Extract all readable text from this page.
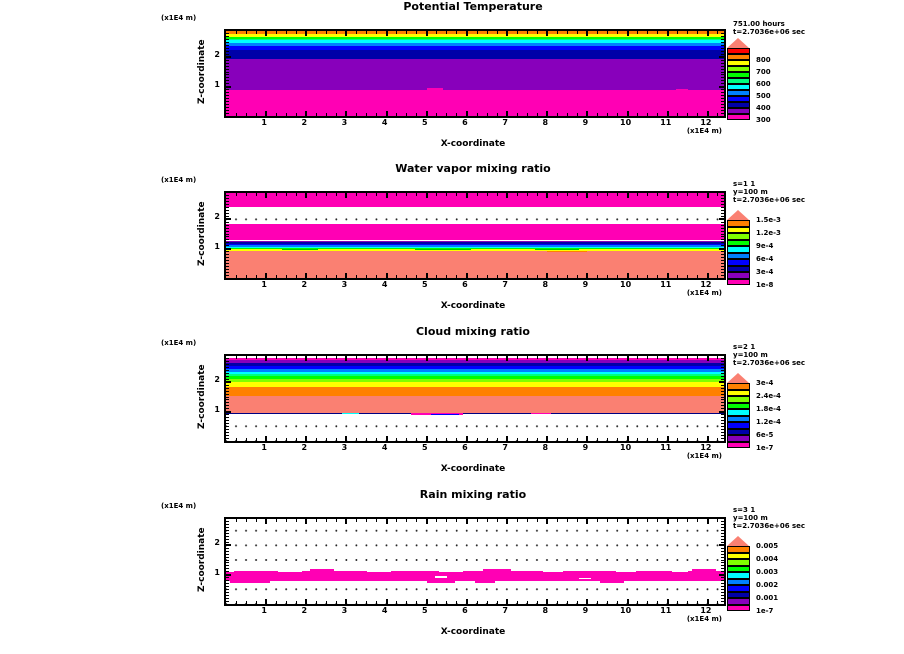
Potential Temperature
(x1E4 m)
Z-coordinate
1	2	3	4	5	6	7	8	9	10	11	12
2
1
(x1E4 m)
X-coordinate
751.00 hours
t=2.7036e+06 sec
800
700
600
500
400
300
Water vapor mixing ratio
(x1E4 m)
Z-coordinate
1	2	3	4	5	6	7	8	9	10	11	12
2
1
(x1E4 m)
X-coordinate
s=1 1
y=100 m
t=2.7036e+06 sec
1.5e-3
1.2e-3
9e-4
6e-4
3e-4
1e-8
Cloud mixing ratio
(x1E4 m)
Z-coordinate
1	2	3	4	5	6	7	8	9	10	11	12
2
1
(x1E4 m)
X-coordinate
s=2 1
y=100 m
t=2.7036e+06 sec
3e-4
2.4e-4
1.8e-4
1.2e-4
6e-5
1e-7
Rain mixing ratio
(x1E4 m)
Z-coordinate
1	2	3	4	5	6	7	8	9	10	11	12
2
1
(x1E4 m)
X-coordinate
s=3 1
y=100 m
t=2.7036e+06 sec
0.005
0.004
0.003
0.002
0.001
1e-7
